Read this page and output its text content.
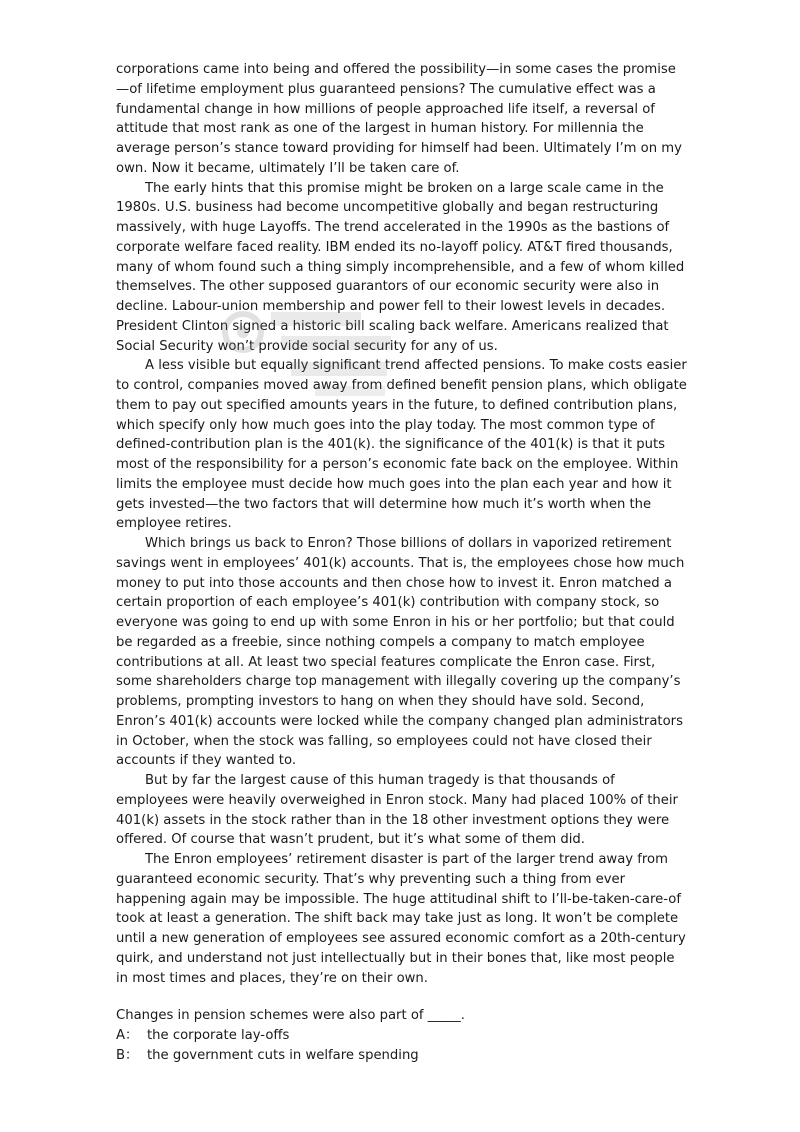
corporations came into being and offered the possibility—in some cases the promise—of lifetime employment plus guaranteed pensions? The cumulative effect was a fundamental change in how millions of people approached life itself, a reversal of attitude that most rank as one of the largest in human history. For millennia the average person’s stance toward providing for himself had been. Ultimately I’m on my own. Now it became, ultimately I’ll be taken care of.

The early hints that this promise might be broken on a large scale came in the 1980s. U.S. business had become uncompetitive globally and began restructuring massively, with huge Layoffs. The trend accelerated in the 1990s as the bastions of corporate welfare faced reality. IBM ended its no-layoff policy. AT&T fired thousands, many of whom found such a thing simply incomprehensible, and a few of whom killed themselves. The other supposed guarantors of our economic security were also in decline. Labour-union membership and power fell to their lowest levels in decades. President Clinton signed a historic bill scaling back welfare. Americans realized that Social Security won’t provide social security for any of us.

A less visible but equally significant trend affected pensions. To make costs easier to control, companies moved away from defined benefit pension plans, which obligate them to pay out specified amounts years in the future, to defined contribution plans, which specify only how much goes into the play today. The most common type of defined-contribution plan is the 401(k). the significance of the 401(k) is that it puts most of the responsibility for a person’s economic fate back on the employee. Within limits the employee must decide how much goes into the plan each year and how it gets invested—the two factors that will determine how much it’s worth when the employee retires.

Which brings us back to Enron? Those billions of dollars in vaporized retirement savings went in employees’ 401(k) accounts. That is, the employees chose how much money to put into those accounts and then chose how to invest it. Enron matched a certain proportion of each employee’s 401(k) contribution with company stock, so everyone was going to end up with some Enron in his or her portfolio; but that could be regarded as a freebie, since nothing compels a company to match employee contributions at all. At least two special features complicate the Enron case. First, some shareholders charge top management with illegally covering up the company’s problems, prompting investors to hang on when they should have sold. Second, Enron’s 401(k) accounts were locked while the company changed plan administrators in October, when the stock was falling, so employees could not have closed their accounts if they wanted to.

But by far the largest cause of this human tragedy is that thousands of employees were heavily overweighed in Enron stock. Many had placed 100% of their 401(k) assets in the stock rather than in the 18 other investment options they were offered. Of course that wasn’t prudent, but it’s what some of them did.

The Enron employees’ retirement disaster is part of the larger trend away from guaranteed economic security. That’s why preventing such a thing from ever happening again may be impossible. The huge attitudinal shift to I’ll-be-taken-care-of took at least a generation. The shift back may take just as long. It won’t be complete until a new generation of employees see assured economic comfort as a 20th-century quirk, and understand not just intellectually but in their bones that, like most people in most times and places, they’re on their own.

Changes in pension schemes were also part of _____.

A： the corporate lay-offs
B： the government cuts in welfare spending
